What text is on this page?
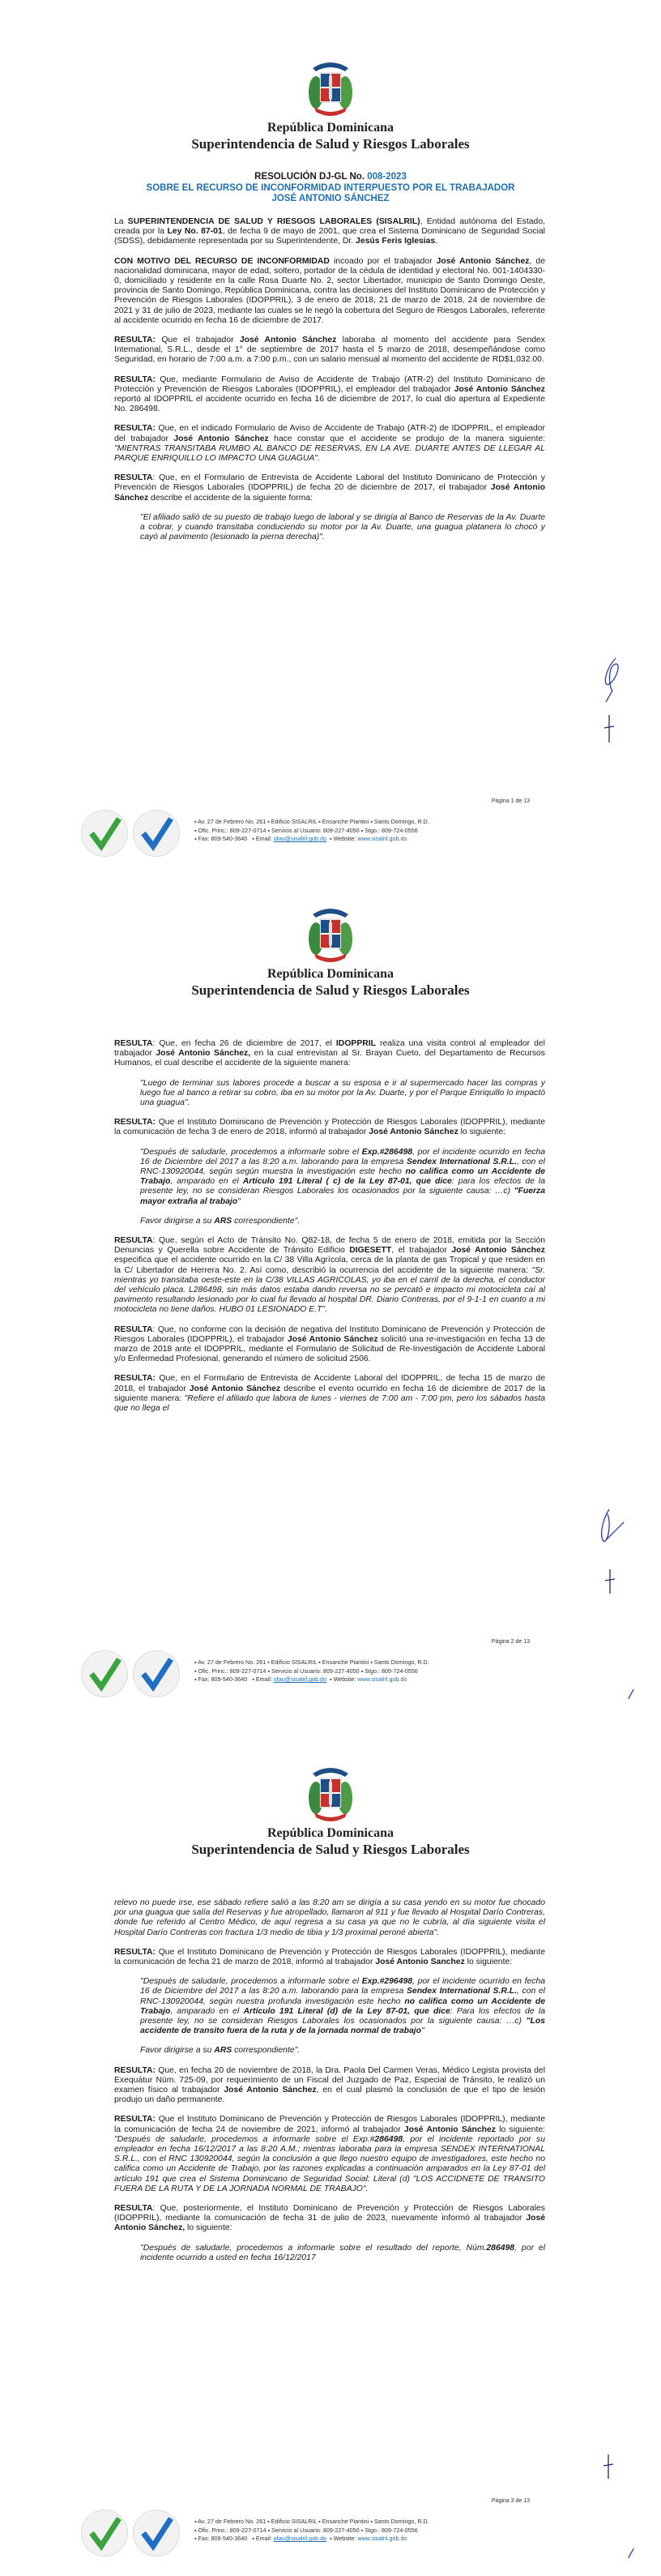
República Dominicana
Superintendencia de Salud y Riesgos Laborales
RESOLUCIÓN DJ-GL No. 008-2023
SOBRE EL RECURSO DE INCONFORMIDAD INTERPUESTO POR EL TRABAJADOR
JOSÉ ANTONIO SÁNCHEZ

La SUPERINTENDENCIA DE SALUD Y RIESGOS LABORALES (SISALRIL), Entidad autónoma del Estado, creada por la Ley No. 87-01, de fecha 9 de mayo de 2001, que crea el Sistema Dominicano de Seguridad Social (SDSS), debidamente representada por su Superintendente, Dr. Jesús Feris Iglesias.

CON MOTIVO DEL RECURSO DE INCONFORMIDAD incoado por el trabajador José Antonio Sánchez, de nacionalidad dominicana, mayor de edad, soltero, portador de la cédula de identidad y electoral No. 001-1404330-0, domiciliado y residente en la calle Rosa Duarte No. 2, sector Libertador, municipio de Santo Domingo Oeste, provincia de Santo Domingo, República Dominicana, contra las decisiones del Instituto Dominicano de Protección y Prevención de Riesgos Laborales (IDOPPRIL), 3 de enero de 2018, 21 de marzo de 2018, 24 de noviembre de 2021 y 31 de julio de 2023, mediante las cuales se le negó la cobertura del Seguro de Riesgos Laborales, referente al accidente ocurrido en fecha 16 de diciembre de 2017.

RESULTA: Que el trabajador José Antonio Sánchez laboraba al momento del accidente para Sendex International, S.R.L., desde el 1° de septiembre de 2017 hasta el 5 marzo de 2018, desempeñándose como Seguridad, en horario de 7:00 a.m. a 7:00 p.m., con un salario mensual al momento del accidente de RD$1,032.00.

RESULTA: Que, mediante Formulario de Aviso de Accidente de Trabajo (ATR-2) del Instituto Dominicano de Protección y Prevención de Riesgos Laborales (IDOPPRIL), el empleador del trabajador José Antonio Sánchez reportó al IDOPPRIL el accidente ocurrido en fecha 16 de diciembre de 2017, lo cual dio apertura al Expediente No. 286498.

RESULTA: Que, en el indicado Formulario de Aviso de Accidente de Trabajo (ATR-2) de IDOPPRIL, el empleador del trabajador José Antonio Sánchez hace constar que el accidente se produjo de la manera siguiente: "MIENTRAS TRANSITABA RUMBO AL BANCO DE RESERVAS, EN LA AVE. DUARTE ANTES DE LLEGAR AL PARQUE ENRIQUILLO LO IMPACTO UNA GUAGUA".

RESULTA: Que, en el Formulario de Entrevista de Accidente Laboral del Instituto Dominicano de Protección y Prevención de Riesgos Laborales (IDOPPRIL) de fecha 20 de diciembre de 2017, el trabajador José Antonio Sánchez describe el accidente de la siguiente forma:

"El afiliado salió de su puesto de trabajo luego de laboral y se dirigía al Banco de Reservas de la Av. Duarte a cobrar, y cuando transitaba conduciendo su motor por la Av. Duarte, una guagua platanera lo chocó y cayó al pavimento (lesionado la pierna derecha)".

Página 1 de 13
▪ Av. 27 de Febrero No. 261 ▪ Edificio SISALRIL ▪ Ensanche Piantini ▪ Santo Domingo, R.D.
▪ Ofic. Princ.: 809-227-0714 ▪ Servicio al Usuario: 809-227-4050 ▪ Stgo.: 809-724-0556
▪ Fax: 809-540-3640 ▪ Email: ofau@sisalril.gob.do ▪ Website: www.sisalril.gob.do
República Dominicana
Superintendencia de Salud y Riesgos Laborales

RESULTA: Que, en fecha 26 de diciembre de 2017, el IDOPPRIL realiza una visita control al empleador del trabajador José Antonio Sánchez, en la cual entrevistan al Sr. Brayan Cueto, del Departamento de Recursos Humanos, el cual describe el accidente de la siguiente manera:

"Luego de terminar sus labores procede a buscar a su esposa e ir al supermercado hacer las compras y luego fue al banco a retirar su cobro, iba en su motor por la Av. Duarte, y por el Parque Enriquillo lo impactó una guagua".

RESULTA: Que el Instituto Dominicano de Prevención y Protección de Riesgos Laborales (IDOPPRIL), mediante la comunicación de fecha 3 de enero de 2018, informó al trabajador José Antonio Sánchez lo siguiente:

"Después de saludarle, procedemos a informarle sobre el Exp.#286498, por el incidente ocurrido en fecha 16 de Diciembre del 2017 a las 8:20 a.m. laborando para la empresa Sendex International S.R.L., con el RNC-130920044, según según muestra la investigación este hecho no califica como un Accidente de Trabajo, amparado en el Artículo 191 Literal ( c) de la Ley 87-01, que dice: para los efectos de la presente ley, no se consideran Riesgos Laborales los ocasionados por la siguiente causa: …c) "Fuerza mayor extraña al trabajo"

Favor dirigirse a su ARS correspondiente".

RESULTA: Que, según el Acto de Tránsito No. Q82-18, de fecha 5 de enero de 2018, emitida por la Sección Denuncias y Querella sobre Accidente de Tránsito Edificio DIGESETT, el trabajador José Antonio Sánchez especifica que el accidente ocurrido en la C/ 38 Villa Agrícola, cerca de la planta de gas Tropical y que residen en la C/ Libertador de Herrera No. 2. Así como, describió la ocurrencia del accidente de la siguiente manera: "Sr. mientras yo transitaba oeste-este en la C/38 VILLAS AGRICOLAS, yo iba en el carril de la derecha, el conductor del vehículo placa. L286498, sin más datos estaba dando reversa no se percató e impacto mi motocicleta caí al pavimento resultando lesionado por lo cual fui llevado al hospital DR. Diario Contreras, por el 9-1-1 en cuanto a mi motocicleta no tiene daños. HUBO 01 LESIONADO E.T".

RESULTA: Que, no conforme con la decisión de negativa del Instituto Dominicano de Prevención y Protección de Riesgos Laborales (IDOPPRIL), el trabajador José Antonio Sánchez solicitó una re-investigación en fecha 13 de marzo de 2018 ante el IDOPPRIL, mediante el Formulario de Solicitud de Re-Investigación de Accidente Laboral y/o Enfermedad Profesional, generando el número de solicitud 2506.

RESULTA: Que, en el Formulario de Entrevista de Accidente Laboral del IDOPPRIL, de fecha 15 de marzo de 2018, el trabajador José Antonio Sánchez describe el evento ocurrido en fecha 16 de diciembre de 2017 de la siguiente manera: "Refiere el afiliado que labora de lunes - viernes de 7:00 am - 7:00 pm, pero los sábados hasta que no llega el

Página 2 de 13
▪ Av. 27 de Febrero No. 261 ▪ Edificio SISALRIL ▪ Ensanche Piantini ▪ Santo Domingo, R.D.
▪ Ofic. Princ.: 809-227-0714 ▪ Servicio al Usuario: 809-227-4050 ▪ Stgo.: 809-724-0556
▪ Fax: 809-540-3640 ▪ Email: ofau@sisalril.gob.do ▪ Website: www.sisalril.gob.do
República Dominicana
Superintendencia de Salud y Riesgos Laborales

relevo no puede irse, ese sábado refiere salió a las 8:20 am se dirigía a su casa yendo en su motor fue chocado por una guagua que salía del Reservas y fue atropellado, llamaron al 911 y fue llevado al Hospital Darío Contreras, donde fue referido al Centro Médico, de aquí regresa a su casa ya que no le cubría, al día siguiente visita el Hospital Darío Contreras con fractura 1/3 medio de tibia y 1/3 proximal peroné abierta".

RESULTA: Que el Instituto Dominicano de Prevención y Protección de Riesgos Laborales (IDOPPRIL), mediante la comunicación de fecha 21 de marzo de 2018, informó al trabajador José Antonio Sanchez lo siguiente:

"Después de saludarle, procedemos a informarle sobre el Exp.#296498, por el incidente ocurrido en fecha 16 de Diciembre del 2017 a las 8:20 a.m. laborando para la empresa Sendex International S.R.L., con el RNC-130920044, según nuestra profunda investigación este hecho no califica como un Accidente de Trabajo, amparado en el Artículo 191 Literal (d) de la Ley 87-01, que dice: Para los efectos de la presente ley, no se consideran Riesgos Laborales los ocasionados por la siguiente causa: …c) "Los accidente de transito fuera de la ruta y de la jornada normal de trabajo"

Favor dirigirse a su ARS correspondiente".

RESULTA: Que, en fecha 20 de noviembre de 2018, la Dra. Paola Del Carmen Veras, Médico Legista provista del Exequátur Núm. 725-09, por requerimiento de un Fiscal del Juzgado de Paz, Especial de Tránsito, le realizó un examen físico al trabajador José Antonio Sánchez, en el cual plasmó la conclusión de que el tipo de lesión produjo un daño permanente.

RESULTA: Que el Instituto Dominicano de Prevención y Protección de Riesgos Laborales (IDOPPRIL), mediante la comunicación de fecha 24 de noviembre de 2021, informó al trabajador José Antonio Sánchez lo siguiente: "Después de saludarle, procedemos a informarle sobre el Exp.#286498, por el incidente reportado por su empleador en fecha 16/12/2017 a las 8:20 A.M.; mientras laboraba para la empresa SENDEX INTERNATIONAL S.R.L., con el RNC 130920044, según la conclusión a que llego nuestro equipo de investigadores, este hecho no califica como un Accidente de Trabajo, por las razones explicadas a continuación amparados en la Ley 87-01 del artículo 191 que crea el Sistema Dominicano de Seguridad Social: Literal (d) "LOS ACCIDNETE DE TRANSITO FUERA DE LA RUTA Y DE LA JORNADA NORMAL DE TRABAJO".

RESULTA: Que, posteriormente, el Instituto Dominicano de Prevención y Protección de Riesgos Laborales (IDOPPRIL), mediante la comunicación de fecha 31 de julio de 2023, nuevamente informó al trabajador José Antonio Sánchez, lo siguiente:

"Después de saludarle, procedemos a informarle sobre el resultado del reporte, Núm.286498, por el incidente ocurrido a usted en fecha 16/12/2017

Página 3 de 13
▪ Av. 27 de Febrero No. 261 ▪ Edificio SISALRIL ▪ Ensanche Piantini ▪ Santo Domingo, R.D.
▪ Ofic. Princ.: 809-227-0714 ▪ Servicio al Usuario: 809-227-4050 ▪ Stgo.: 809-724-0556
▪ Fax: 809-540-3640 ▪ Email: ofau@sisalril.gob.do ▪ Website: www.sisalril.gob.do
